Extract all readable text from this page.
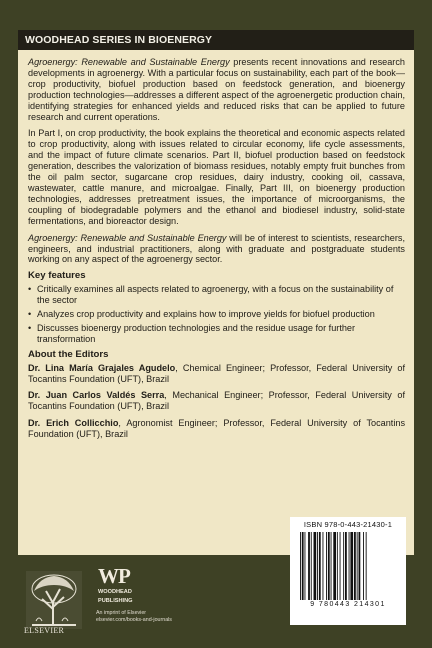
WOODHEAD SERIES IN BIOENERGY

Agroenergy: Renewable and Sustainable Energy presents recent innovations and research developments in agroenergy. With a particular focus on sustainability, each part of the book—crop productivity, biofuel production based on feedstock generation, and bioenergy production technologies—addresses a different aspect of the agroenergetic production chain, identifying strategies for enhanced yields and reduced risks that can be applied to future research and current operations.

In Part I, on crop productivity, the book explains the theoretical and economic aspects related to crop productivity, along with issues related to circular economy, life cycle assessments, and the impact of future climate scenarios. Part II, biofuel production based on feedstock generation, describes the valorization of biomass residues, notably empty fruit bunches from the oil palm sector, sugarcane crop residues, dairy industry, cooking oil, cassava, wastewater, cattle manure, and microalgae. Finally, Part III, on bioenergy production technologies, addresses pretreatment issues, the importance of microorganisms, the coupling of biodegradable polymers and the ethanol and biodiesel industry, solid-state fermentations, and bioreactor design.

Agroenergy: Renewable and Sustainable Energy will be of interest to scientists, researchers, engineers, and industrial practitioners, along with graduate and postgraduate students working on any aspect of the agroenergy sector.

Key features
• Critically examines all aspects related to agroenergy, with a focus on the sustainability of the sector
• Analyzes crop productivity and explains how to improve yields for biofuel production
• Discusses bioenergy production technologies and the residue usage for further transformation
About the Editors

Dr. Lina María Grajales Agudelo, Chemical Engineer; Professor, Federal University of Tocantins Foundation (UFT), Brazil

Dr. Juan Carlos Valdés Serra, Mechanical Engineer; Professor, Federal University of Tocantins Foundation (UFT), Brazil

Dr. Erich Collicchio, Agronomist Engineer; Professor, Federal University of Tocantins Foundation (UFT), Brazil

ISBN 978-0-443-21430-1
9 780443 214301
ELSEVIER
WP
WOODHEAD
PUBLISHING
An imprint of Elsevier
elsevier.com/books-and-journals
